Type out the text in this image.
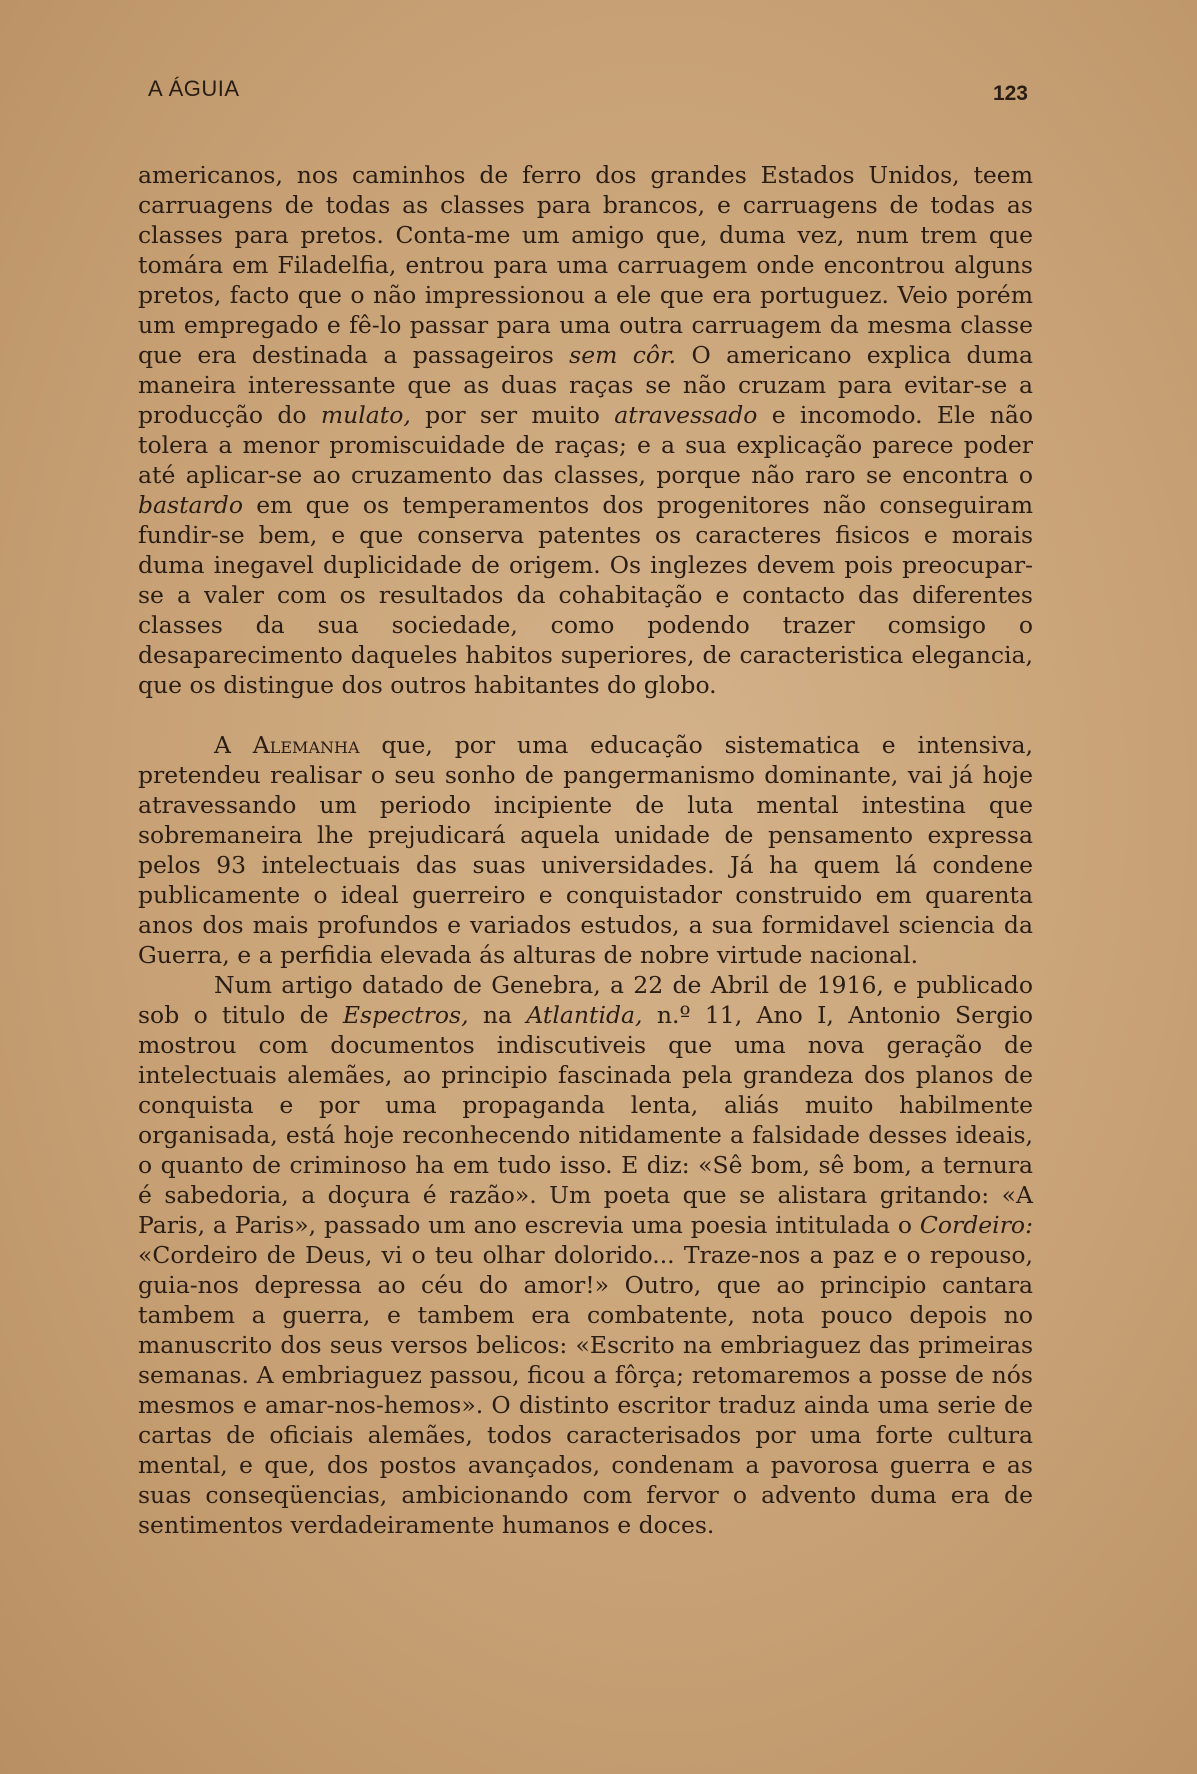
A ÁGUIA	123

americanos, nos caminhos de ferro dos grandes Estados Unidos, teem carruagens de todas as classes para brancos, e carruagens de todas as classes para pretos. Conta-me um amigo que, duma vez, num trem que tomára em Filadelfia, entrou para uma carruagem onde encontrou alguns pretos, facto que o não impressionou a ele que era portuguez. Veio porém um empregado e fê-lo passar para uma outra carruagem da mesma classe que era destinada a passageiros sem côr. O americano explica duma maneira interessante que as duas raças se não cruzam para evitar-se a producção do mulato, por ser muito atravessado e incomodo. Ele não tolera a menor promiscuidade de raças; e a sua explicação parece poder até aplicar-se ao cruzamento das classes, porque não raro se encontra o bastardo em que os temperamentos dos progenitores não conseguiram fundir-se bem, e que conserva patentes os caracteres fisicos e morais duma inegavel duplicidade de origem. Os inglezes devem pois preocupar-se a valer com os resultados da cohabitação e contacto das diferentes classes da sua sociedade, como podendo trazer comsigo o desaparecimento daqueles habitos superiores, de caracteristica elegancia, que os distingue dos outros habitantes do globo.

A Alemanha que, por uma educação sistematica e intensiva, pretendeu realisar o seu sonho de pangermanismo dominante, vai já hoje atravessando um periodo incipiente de luta mental intestina que sobremaneira lhe prejudicará aquela unidade de pensamento expressa pelos 93 intelectuais das suas universidades. Já ha quem lá condene publicamente o ideal guerreiro e conquistador construido em quarenta anos dos mais profundos e variados estudos, a sua formidavel sciencia da Guerra, e a perfidia elevada ás alturas de nobre virtude nacional.

Num artigo datado de Genebra, a 22 de Abril de 1916, e publicado sob o titulo de Espectros, na Atlantida, n.º 11, Ano I, Antonio Sergio mostrou com documentos indiscutiveis que uma nova geração de intelectuais alemães, ao principio fascinada pela grandeza dos planos de conquista e por uma propaganda lenta, aliás muito habilmente organisada, está hoje reconhecendo nitidamente a falsidade desses ideais, o quanto de criminoso ha em tudo isso. E diz: «Sê bom, sê bom, a ternura é sabedoria, a doçura é razão». Um poeta que se alistara gritando: «A Paris, a Paris», passado um ano escrevia uma poesia intitulada o Cordeiro: «Cordeiro de Deus, vi o teu olhar dolorido... Traze-nos a paz e o repouso, guia-nos depressa ao céu do amor!» Outro, que ao principio cantara tambem a guerra, e tambem era combatente, nota pouco depois no manuscrito dos seus versos belicos: «Escrito na embriaguez das primeiras semanas. A embriaguez passou, ficou a fôrça; retomaremos a posse de nós mesmos e amar-nos-hemos». O distinto escritor traduz ainda uma serie de cartas de oficiais alemães, todos caracterisados por uma forte cultura mental, e que, dos postos avançados, condenam a pavorosa guerra e as suas conseqüencias, ambicionando com fervor o advento duma era de sentimentos verdadeiramente humanos e doces.
